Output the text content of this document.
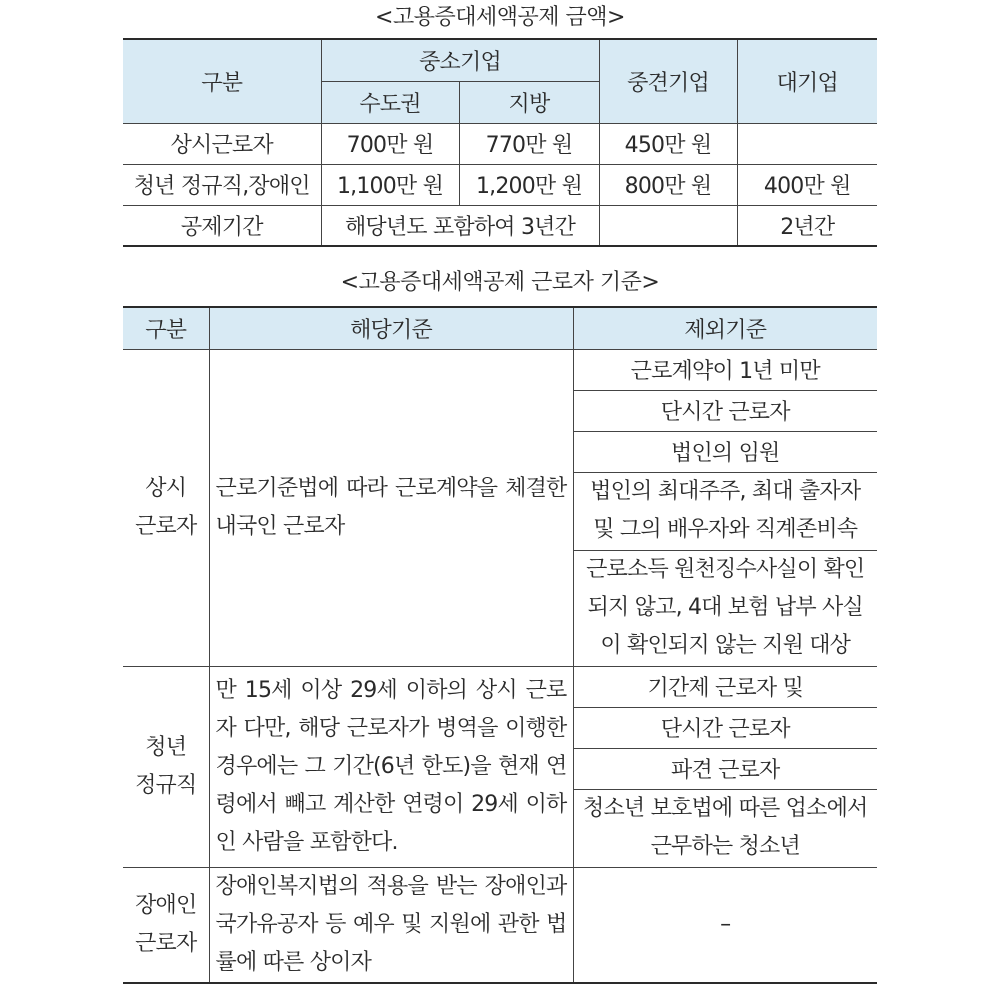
<고용증대세액공제 금액>
구분	중소기업		중견기업	대기업
	수도권	지방		
상시근로자	700만 원	770만 원	450만 원	
청년 정규직,장애인	1,100만 원	1,200만 원	800만 원	400만 원
공제기간	해당년도 포함하여 3년간			2년간
<고용증대세액공제 근로자 기준>
구분	해당기준	제외기준
상시
근로자	근로기준법에 따라 근로계약을 체결한 내국인 근로자	근로계약이 1년 미만
		단시간 근로자
		법인의 임원
		법인의 최대주주, 최대 출자자 및 그의 배우자와 직계존비속
		근로소득 원천징수사실이 확인되지 않고, 4대 보험 납부 사실이 확인되지 않는 지원 대상
청년
정규직	만 15세 이상 29세 이하의 상시 근로자 다만, 해당 근로자가 병역을 이행한 경우에는 그 기간(6년 한도)을 현재 연령에서 빼고 계산한 연령이 29세 이하인 사람을 포함한다.	기간제 근로자 및
		단시간 근로자
		파견 근로자
		청소년 보호법에 따른 업소에서 근무하는 청소년
장애인
근로자	장애인복지법의 적용을 받는 장애인과 국가유공자 등 예우 및 지원에 관한 법률에 따른 상이자	–
